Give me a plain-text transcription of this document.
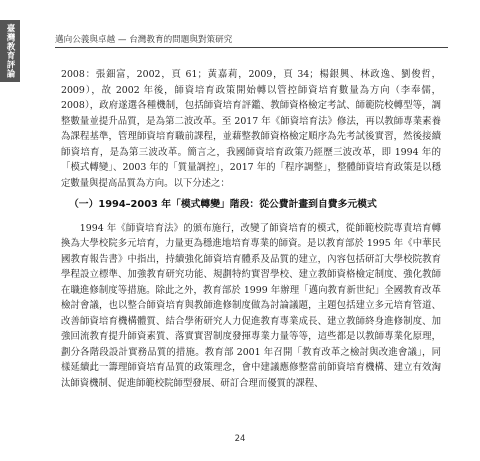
臺灣教育評論	邁向公義與卓越 — 台灣教育的問題與對策研究

2008：張鈿富，2002，頁 61；黃嘉莉，2009，頁 34；楊銀興、林政逸、劉俊哲，2009），故 2002 年後，師資培育政策開始轉以管控師資培育數量為方向（李奉儒，2008），政府遂選各種機制，包括師資培育評鑑、教師資格檢定考試、師範院校轉型等，調整數量並提升品質，是為第二波改革。至 2017 年《師資培育法》修法，再以教師專業素養為課程基準，管理師資培育職前課程，並藉整教師資格檢定順序為先考試後實習，然後接續師資培育，是為第三波改革。簡言之，我國師資培育政策乃經歷三波改革，即 1994 年的「模式轉變」、2003 年的「質量調控」，2017 年的「程序調整」，整體師資培育政策是以穩定數量與提高品質為方向。以下分述之：

（一）1994–2003 年「模式轉變」階段：從公費計畫到自費多元模式

1994 年《師資培育法》的頒布施行，改變了師資培育的模式，從師範校院專責培育轉換為大學校院多元培育，力量更為穩進地培育專業的師資。是以教育部於 1995 年《中華民國教育報告書》中指出，持續強化師資培育體系及品質的建立，內容包括研訂大學校院教育學程設立標準、加強教育研究功能、規劃特約實習學校、建立教師資格檢定制度、強化教師在職進修制度等措施。除此之外，教育部於 1999 年辦理「邁向教育新世紀」全國教育改革檢討會議，也以整合師資培育與教師進修制度做為討論議題，主題包括建立多元培育管道、改善師資培育機構體質、結合學術研究人力促進教育專業成長、建立教師終身進修制度、加強回流教育提升師資素質、落實實習制度發揮專業力量等等，這些都是以教師專業化原理，劃分各階段設計實務品質的措施。教育部 2001 年召開「教育改革之檢討與改進會議」，同樣延續此一籌理師資培育品質的政策理念，會中建議應修整當前師資培育機構、建立有效淘汰師資機制、促進師範校院師型發展、研訂合理而優質的課程、

24
